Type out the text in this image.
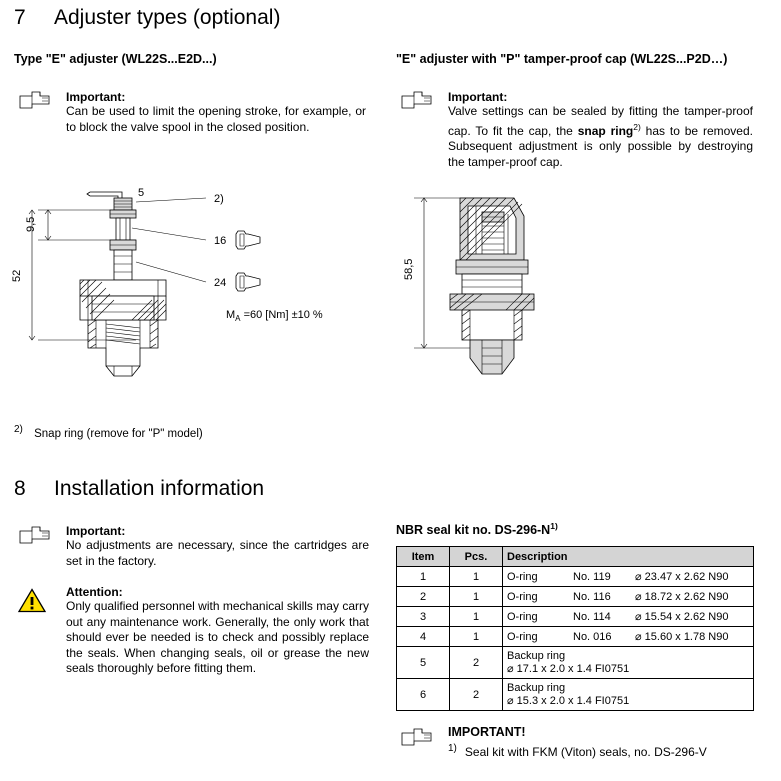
7	Adjuster types (optional)
Type "E" adjuster (WL22S...E2D...)	"E" adjuster with "P" tamper-proof cap (WL22S...P2D…)
Important:
Can be used to limit the opening stroke, for example, or to block the valve spool in the closed position.
Important:
Valve settings can be sealed by fitting the tamper-proof cap. To fit the cap, the snap ring$^{2)}$ has to be removed. Subsequent adjustment is only possible by destroying the tamper-proof cap.
5
9,5
52
2)
16
24
$M_A =60$ [Nm] ±10 %
58,5
2) Snap ring (remove for "P" model)
8	Installation information
Important:
No adjustments are necessary, since the cartridges are set in the factory.
Attention:
Only qualified personnel with mechanical skills may carry out any maintenance work. Generally, the only work that should ever be needed is to check and possibly replace the seals. When changing seals, oil or grease the new seals thoroughly before fitting them.
NBR seal kit no. $DS-296-N^{1)}$
Item	Pcs.	Description
1	1	O-ring No. 119 ⌀ 23.47 x 2.62 N90
2	1	O-ring No. 116 ⌀ 18.72 x 2.62 N90
3	1	O-ring No. 114 ⌀ 15.54 x 2.62 N90
4	1	O-ring No. 016 ⌀ 15.60 x 1.78 N90
5	2	Backup ring⌀ 17.1 x 2.0 x 1.4 FI0751
6	2	Backup ring⌀ 15.3 x 2.0 x 1.4 FI0751
IMPORTANT!
$^{1)}$ Seal kit with FKM (Viton) seals, no. DS-296-V
